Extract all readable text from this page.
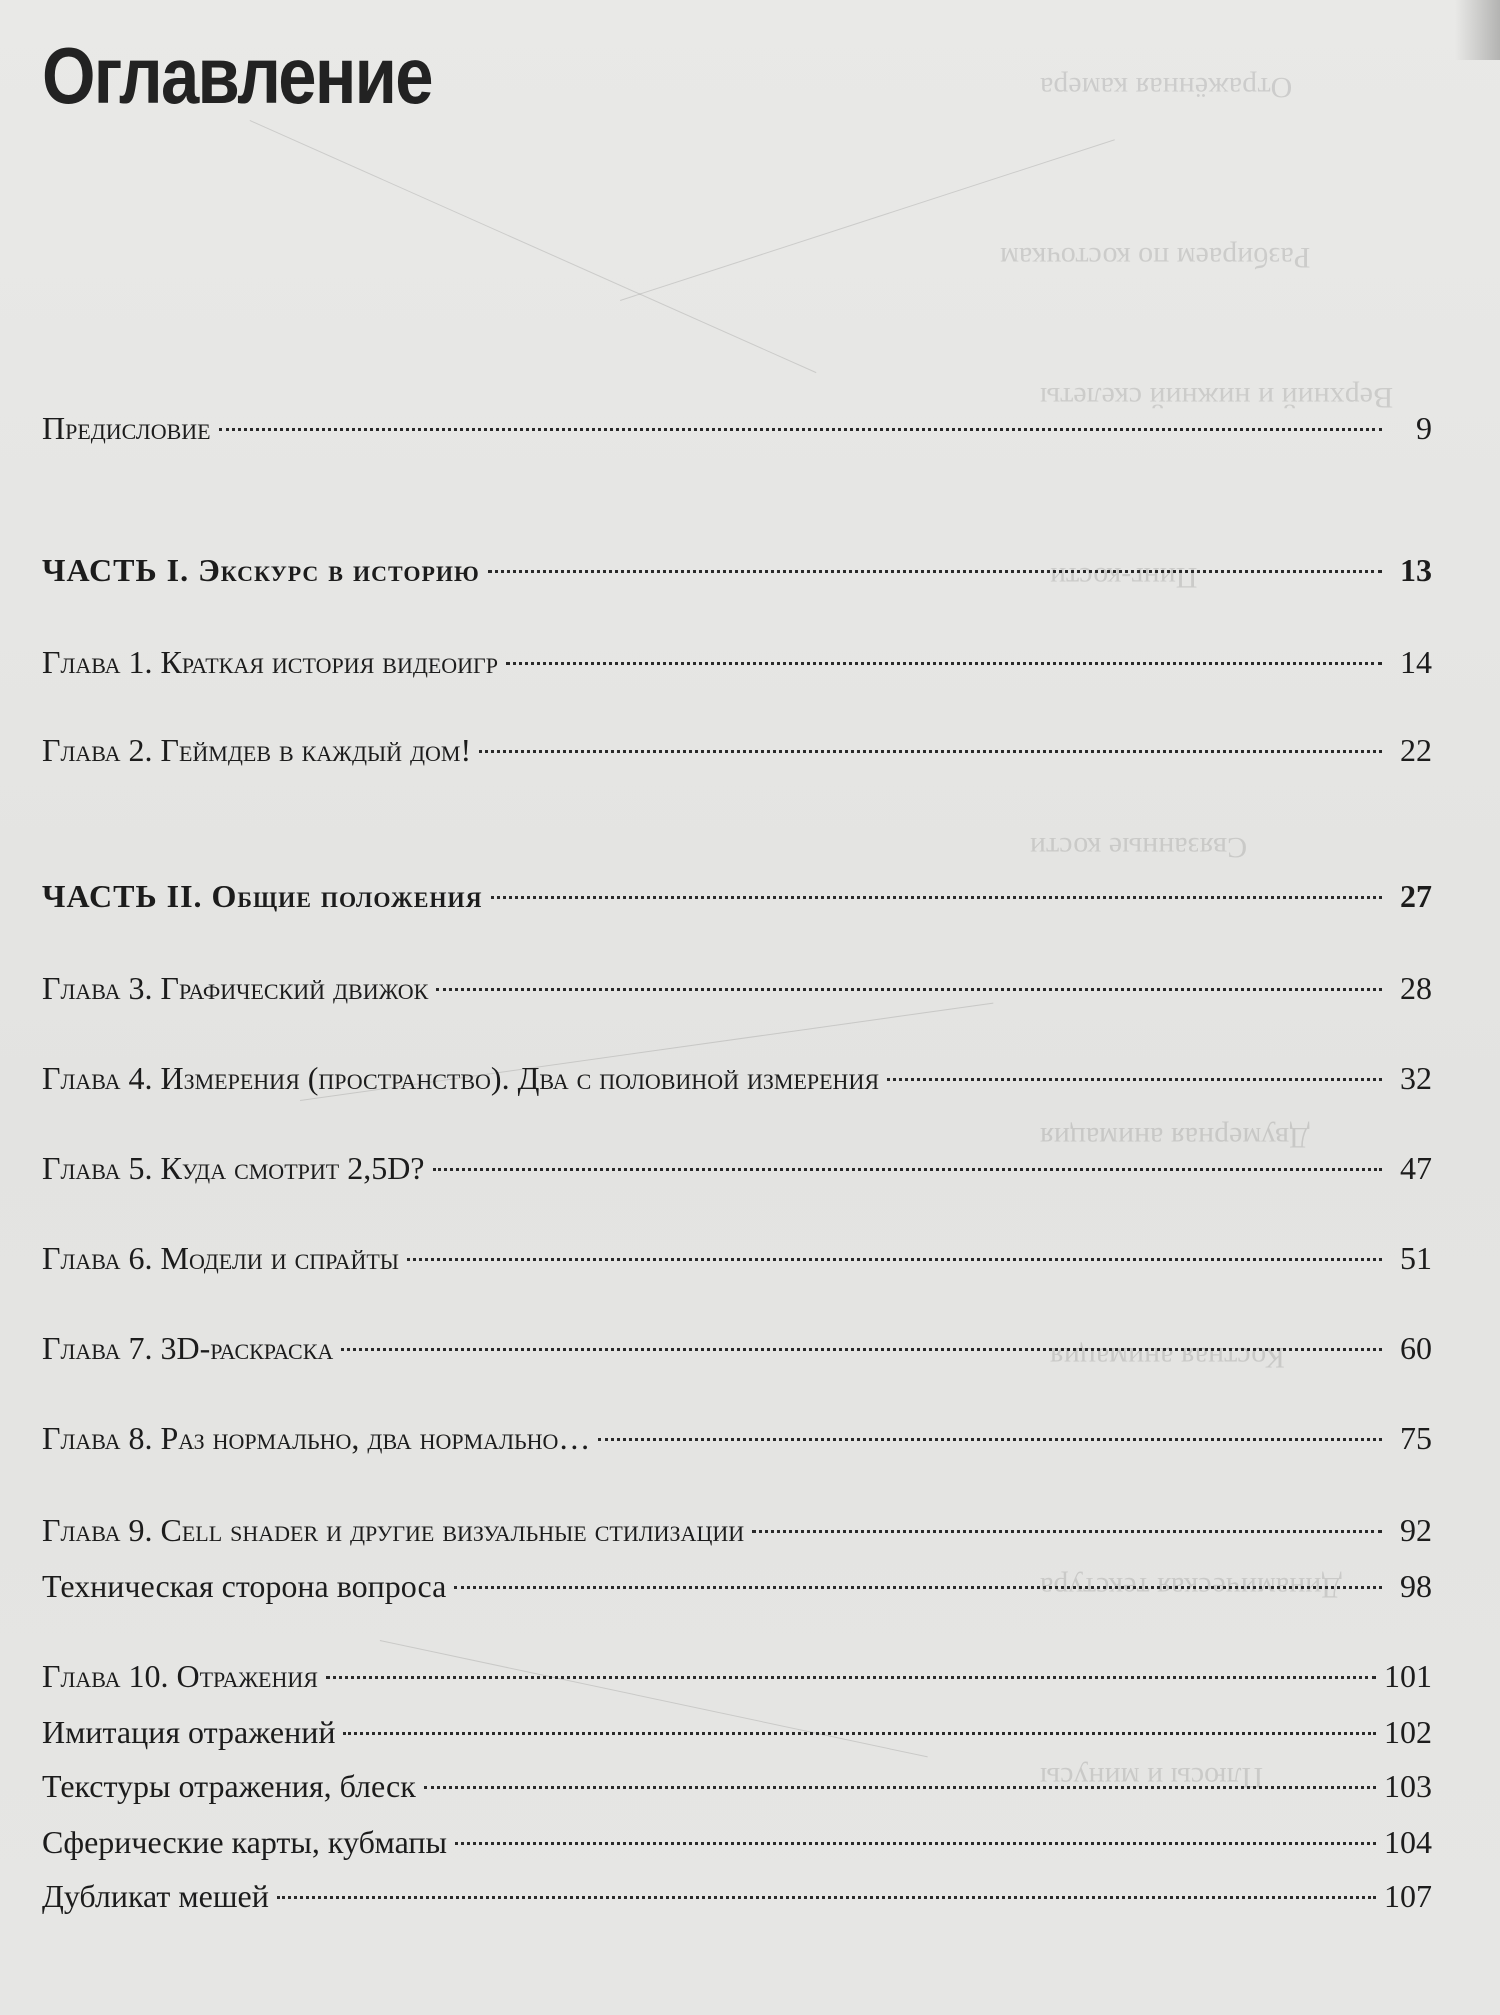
Отражённая камера
Разбираем по косточкам
Верхний и нижний скелеты
Пинг-кости
Связанные кости
Двумерная анимация
Костная анимация
Динамическая текстура
Плюсы и минусы
Оглавление
Предисловие	9
ЧАСТЬ I. Экскурс в историю	13
Глава 1. Краткая история видеоигр	14
Глава 2. Геймдев в каждый дом!	22
ЧАСТЬ II. Общие положения	27
Глава 3. Графический движок	28
Глава 4. Измерения (пространство). Два с половиной измерения	32
Глава 5. Куда смотрит 2,5D?	47
Глава 6. Модели и спрайты	51
Глава 7. 3D-раскраска	60
Глава 8. Раз нормально, два нормально…	75
Глава 9. Cell shader и другие визуальные стилизации	92
Техническая сторона вопроса	98
Глава 10. Отражения	101
Имитация отражений	102
Текстуры отражения, блеск	103
Сферические карты, кубмапы	104
Дубликат мешей	107
